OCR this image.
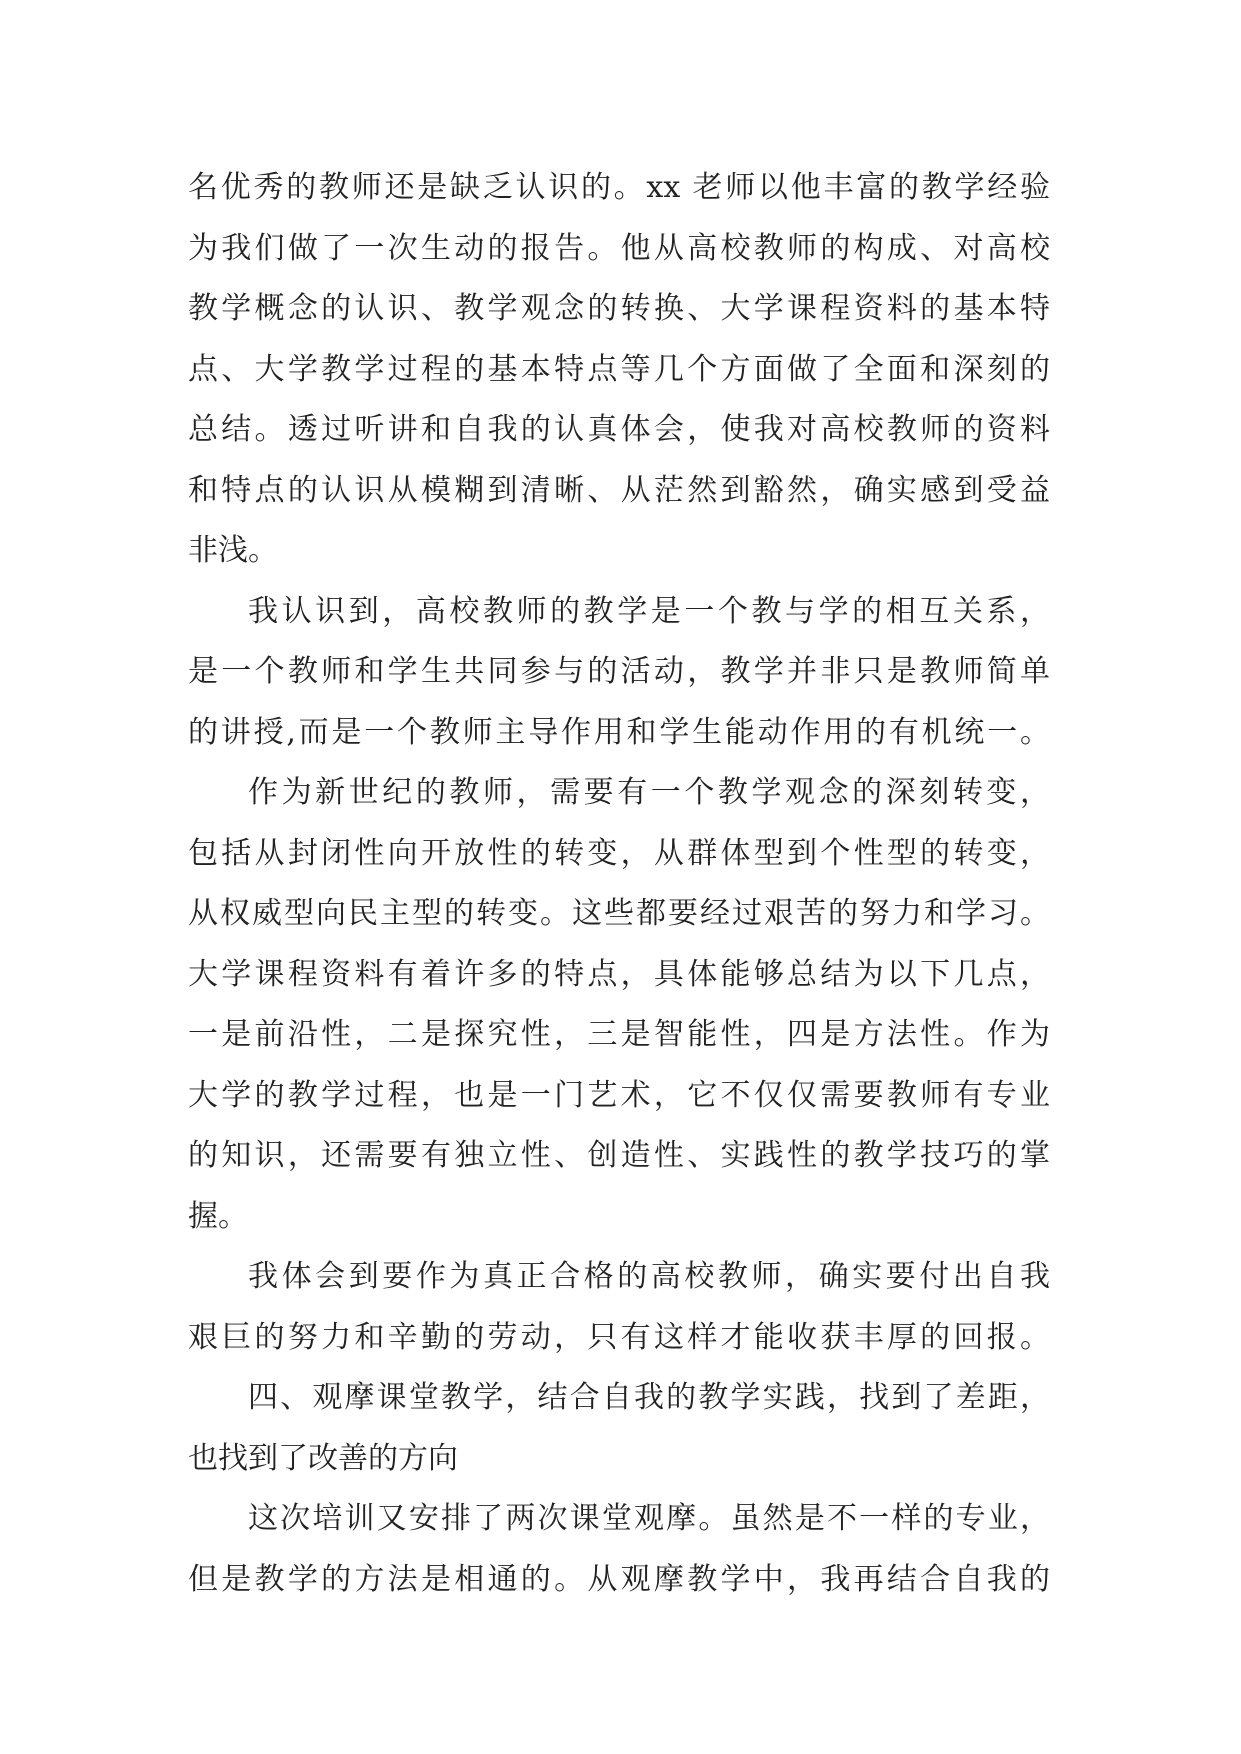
名优秀的教师还是缺乏认识的。xx 老师以他丰富的教学经验
为我们做了一次生动的报告。他从高校教师的构成、对高校
教学概念的认识、教学观念的转换、大学课程资料的基本特
点、大学教学过程的基本特点等几个方面做了全面和深刻的
总结。透过听讲和自我的认真体会，使我对高校教师的资料
和特点的认识从模糊到清晰、从茫然到豁然，确实感到受益
非浅。
我认识到，高校教师的教学是一个教与学的相互关系，
是一个教师和学生共同参与的活动，教学并非只是教师简单
的讲授,而是一个教师主导作用和学生能动作用的有机统一。
作为新世纪的教师，需要有一个教学观念的深刻转变，
包括从封闭性向开放性的转变，从群体型到个性型的转变，
从权威型向民主型的转变。这些都要经过艰苦的努力和学习。
大学课程资料有着许多的特点，具体能够总结为以下几点，
一是前沿性，二是探究性，三是智能性，四是方法性。作为
大学的教学过程，也是一门艺术，它不仅仅需要教师有专业
的知识，还需要有独立性、创造性、实践性的教学技巧的掌
握。
我体会到要作为真正合格的高校教师，确实要付出自我
艰巨的努力和辛勤的劳动，只有这样才能收获丰厚的回报。
四、观摩课堂教学，结合自我的教学实践，找到了差距，
也找到了改善的方向
这次培训又安排了两次课堂观摩。虽然是不一样的专业，
但是教学的方法是相通的。从观摩教学中，我再结合自我的
